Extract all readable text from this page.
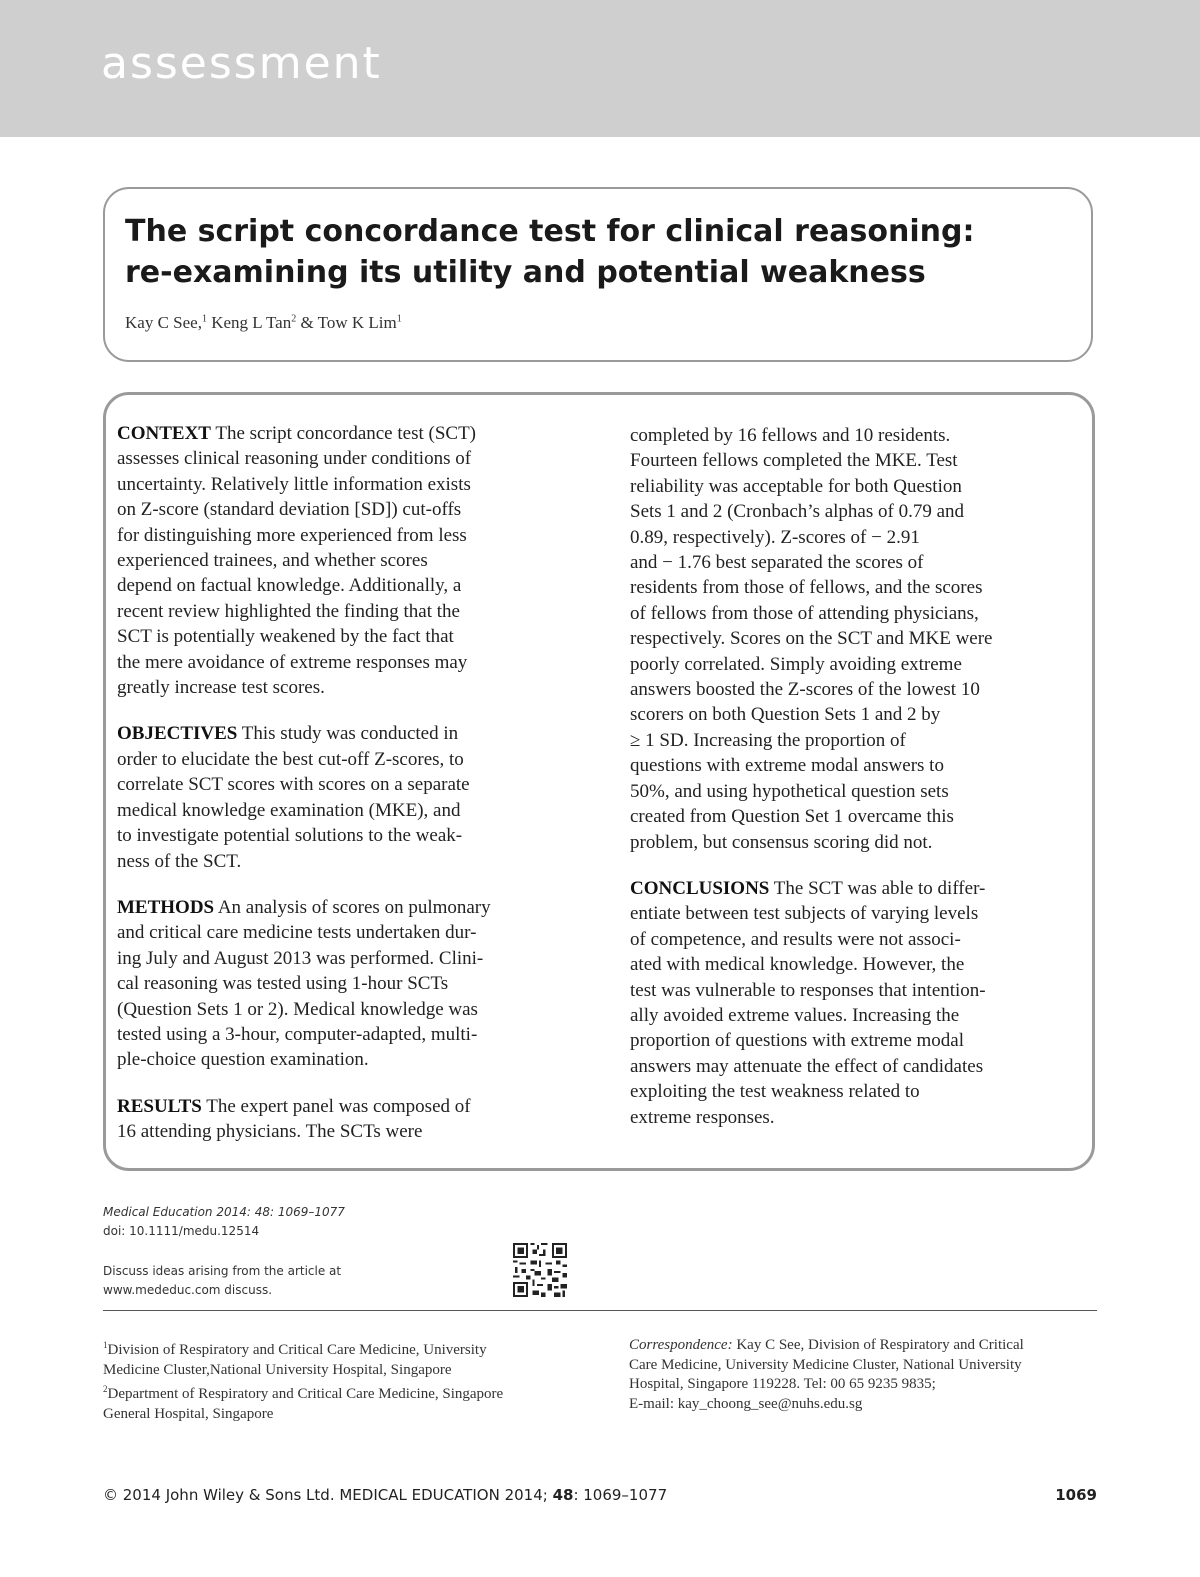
assessment
The script concordance test for clinical reasoning:
re-examining its utility and potential weakness
Kay C See,$^1$ Keng L Tan$^2$ & Tow K Lim$^1$

CONTEXT The script concordance test (SCT)
assesses clinical reasoning under conditions of
uncertainty. Relatively little information exists
on Z-score (standard deviation [SD]) cut-offs
for distinguishing more experienced from less
experienced trainees, and whether scores
depend on factual knowledge. Additionally, a
recent review highlighted the finding that the
SCT is potentially weakened by the fact that
the mere avoidance of extreme responses may
greatly increase test scores.

OBJECTIVES This study was conducted in
order to elucidate the best cut-off Z-scores, to
correlate SCT scores with scores on a separate
medical knowledge examination (MKE), and
to investigate potential solutions to the weak-
ness of the SCT.

METHODS An analysis of scores on pulmonary
and critical care medicine tests undertaken dur-
ing July and August 2013 was performed. Clini-
cal reasoning was tested using 1-hour SCTs
(Question Sets 1 or 2). Medical knowledge was
tested using a 3-hour, computer-adapted, multi-
ple-choice question examination.

RESULTS The expert panel was composed of
16 attending physicians. The SCTs were

completed by 16 fellows and 10 residents.
Fourteen fellows completed the MKE. Test
reliability was acceptable for both Question
Sets 1 and 2 (Cronbach’s alphas of 0.79 and
0.89, respectively). Z-scores of − 2.91
and − 1.76 best separated the scores of
residents from those of fellows, and the scores
of fellows from those of attending physicians,
respectively. Scores on the SCT and MKE were
poorly correlated. Simply avoiding extreme
answers boosted the Z-scores of the lowest 10
scorers on both Question Sets 1 and 2 by
≥ 1 SD. Increasing the proportion of
questions with extreme modal answers to
50%, and using hypothetical question sets
created from Question Set 1 overcame this
problem, but consensus scoring did not.

CONCLUSIONS The SCT was able to differ-
entiate between test subjects of varying levels
of competence, and results were not associ-
ated with medical knowledge. However, the
test was vulnerable to responses that intention-
ally avoided extreme values. Increasing the
proportion of questions with extreme modal
answers may attenuate the effect of candidates
exploiting the test weakness related to
extreme responses.

Medical Education 2014: 48: 1069–1077
doi: 10.1111/medu.12514
Discuss ideas arising from the article at
www.mededuc.com discuss.
$^1$Division of Respiratory and Critical Care Medicine, University
Medicine Cluster,National University Hospital, Singapore
$^2$Department of Respiratory and Critical Care Medicine, Singapore
General Hospital, Singapore
Correspondence: Kay C See, Division of Respiratory and Critical
Care Medicine, University Medicine Cluster, National University
Hospital, Singapore 119228. Tel: 00 65 9235 9835;
E-mail: kay_choong_see@nuhs.edu.sg
© 2014 John Wiley & Sons Ltd. MEDICAL EDUCATION 2014; 48: 1069–1077	1069
